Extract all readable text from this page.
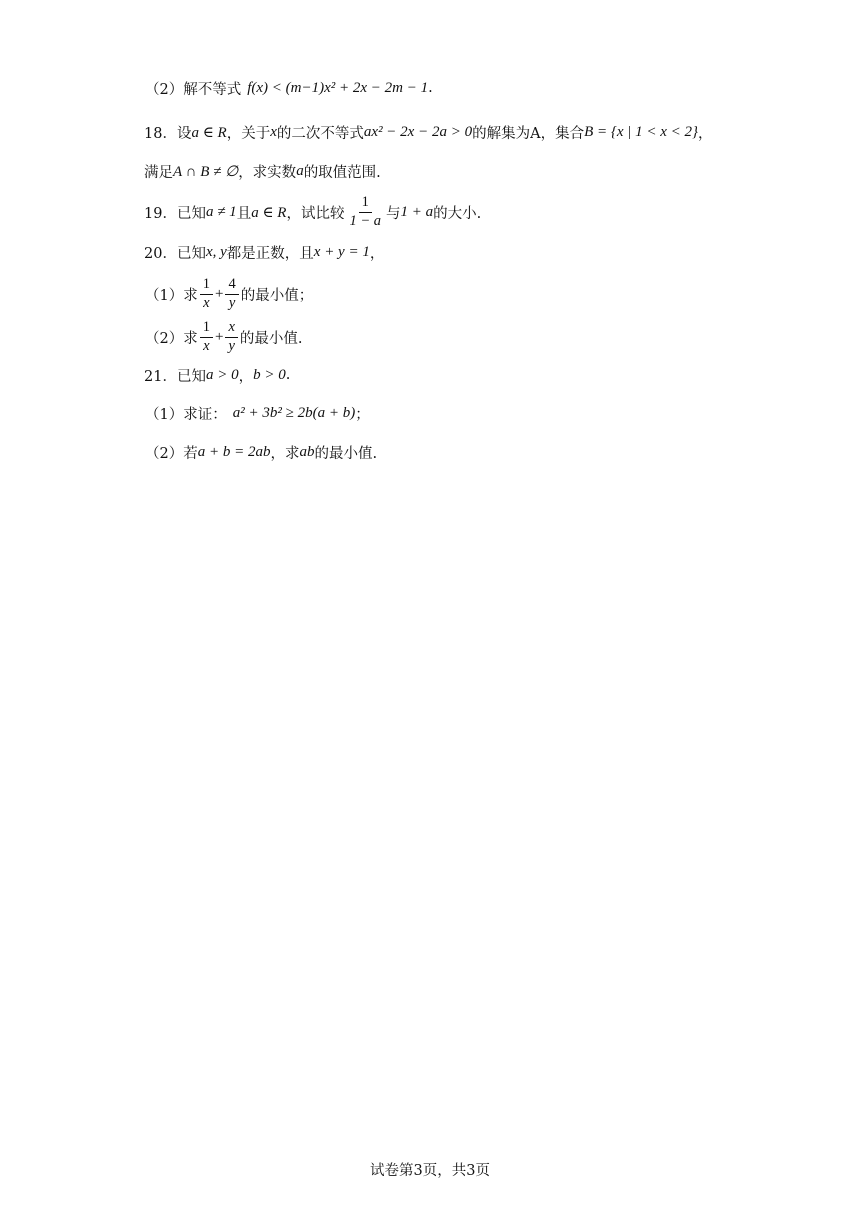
（2）解不等式 f(x) < (m−1)x² + 2x − 2m − 1 .
18．设 a ∈ R ，关于 x 的二次不等式 ax² − 2x − 2a > 0 的解集为A，集合 B = {x | 1 < x < 2} ，
满足 A ∩ B ≠ ∅ ，求实数 a 的取值范围.
19．已知 a ≠ 1 且 a ∈ R ，试比较 $\frac{1}{1 - a}$ 与 1 + a 的大小.
20．已知 x, y 都是正数，且 x + y = 1 ，
（1）求 $\frac{1}{x} + \frac{4}{y}$ 的最小值；
（2）求 $\frac{1}{x} + \frac{x}{y}$ 的最小值.
21．已知 a > 0 ， b > 0 .
（1）求证： a² + 3b² ≥ 2b(a + b) ；
（2）若 a + b = 2ab ，求 ab 的最小值.
试卷第3页，共3页
